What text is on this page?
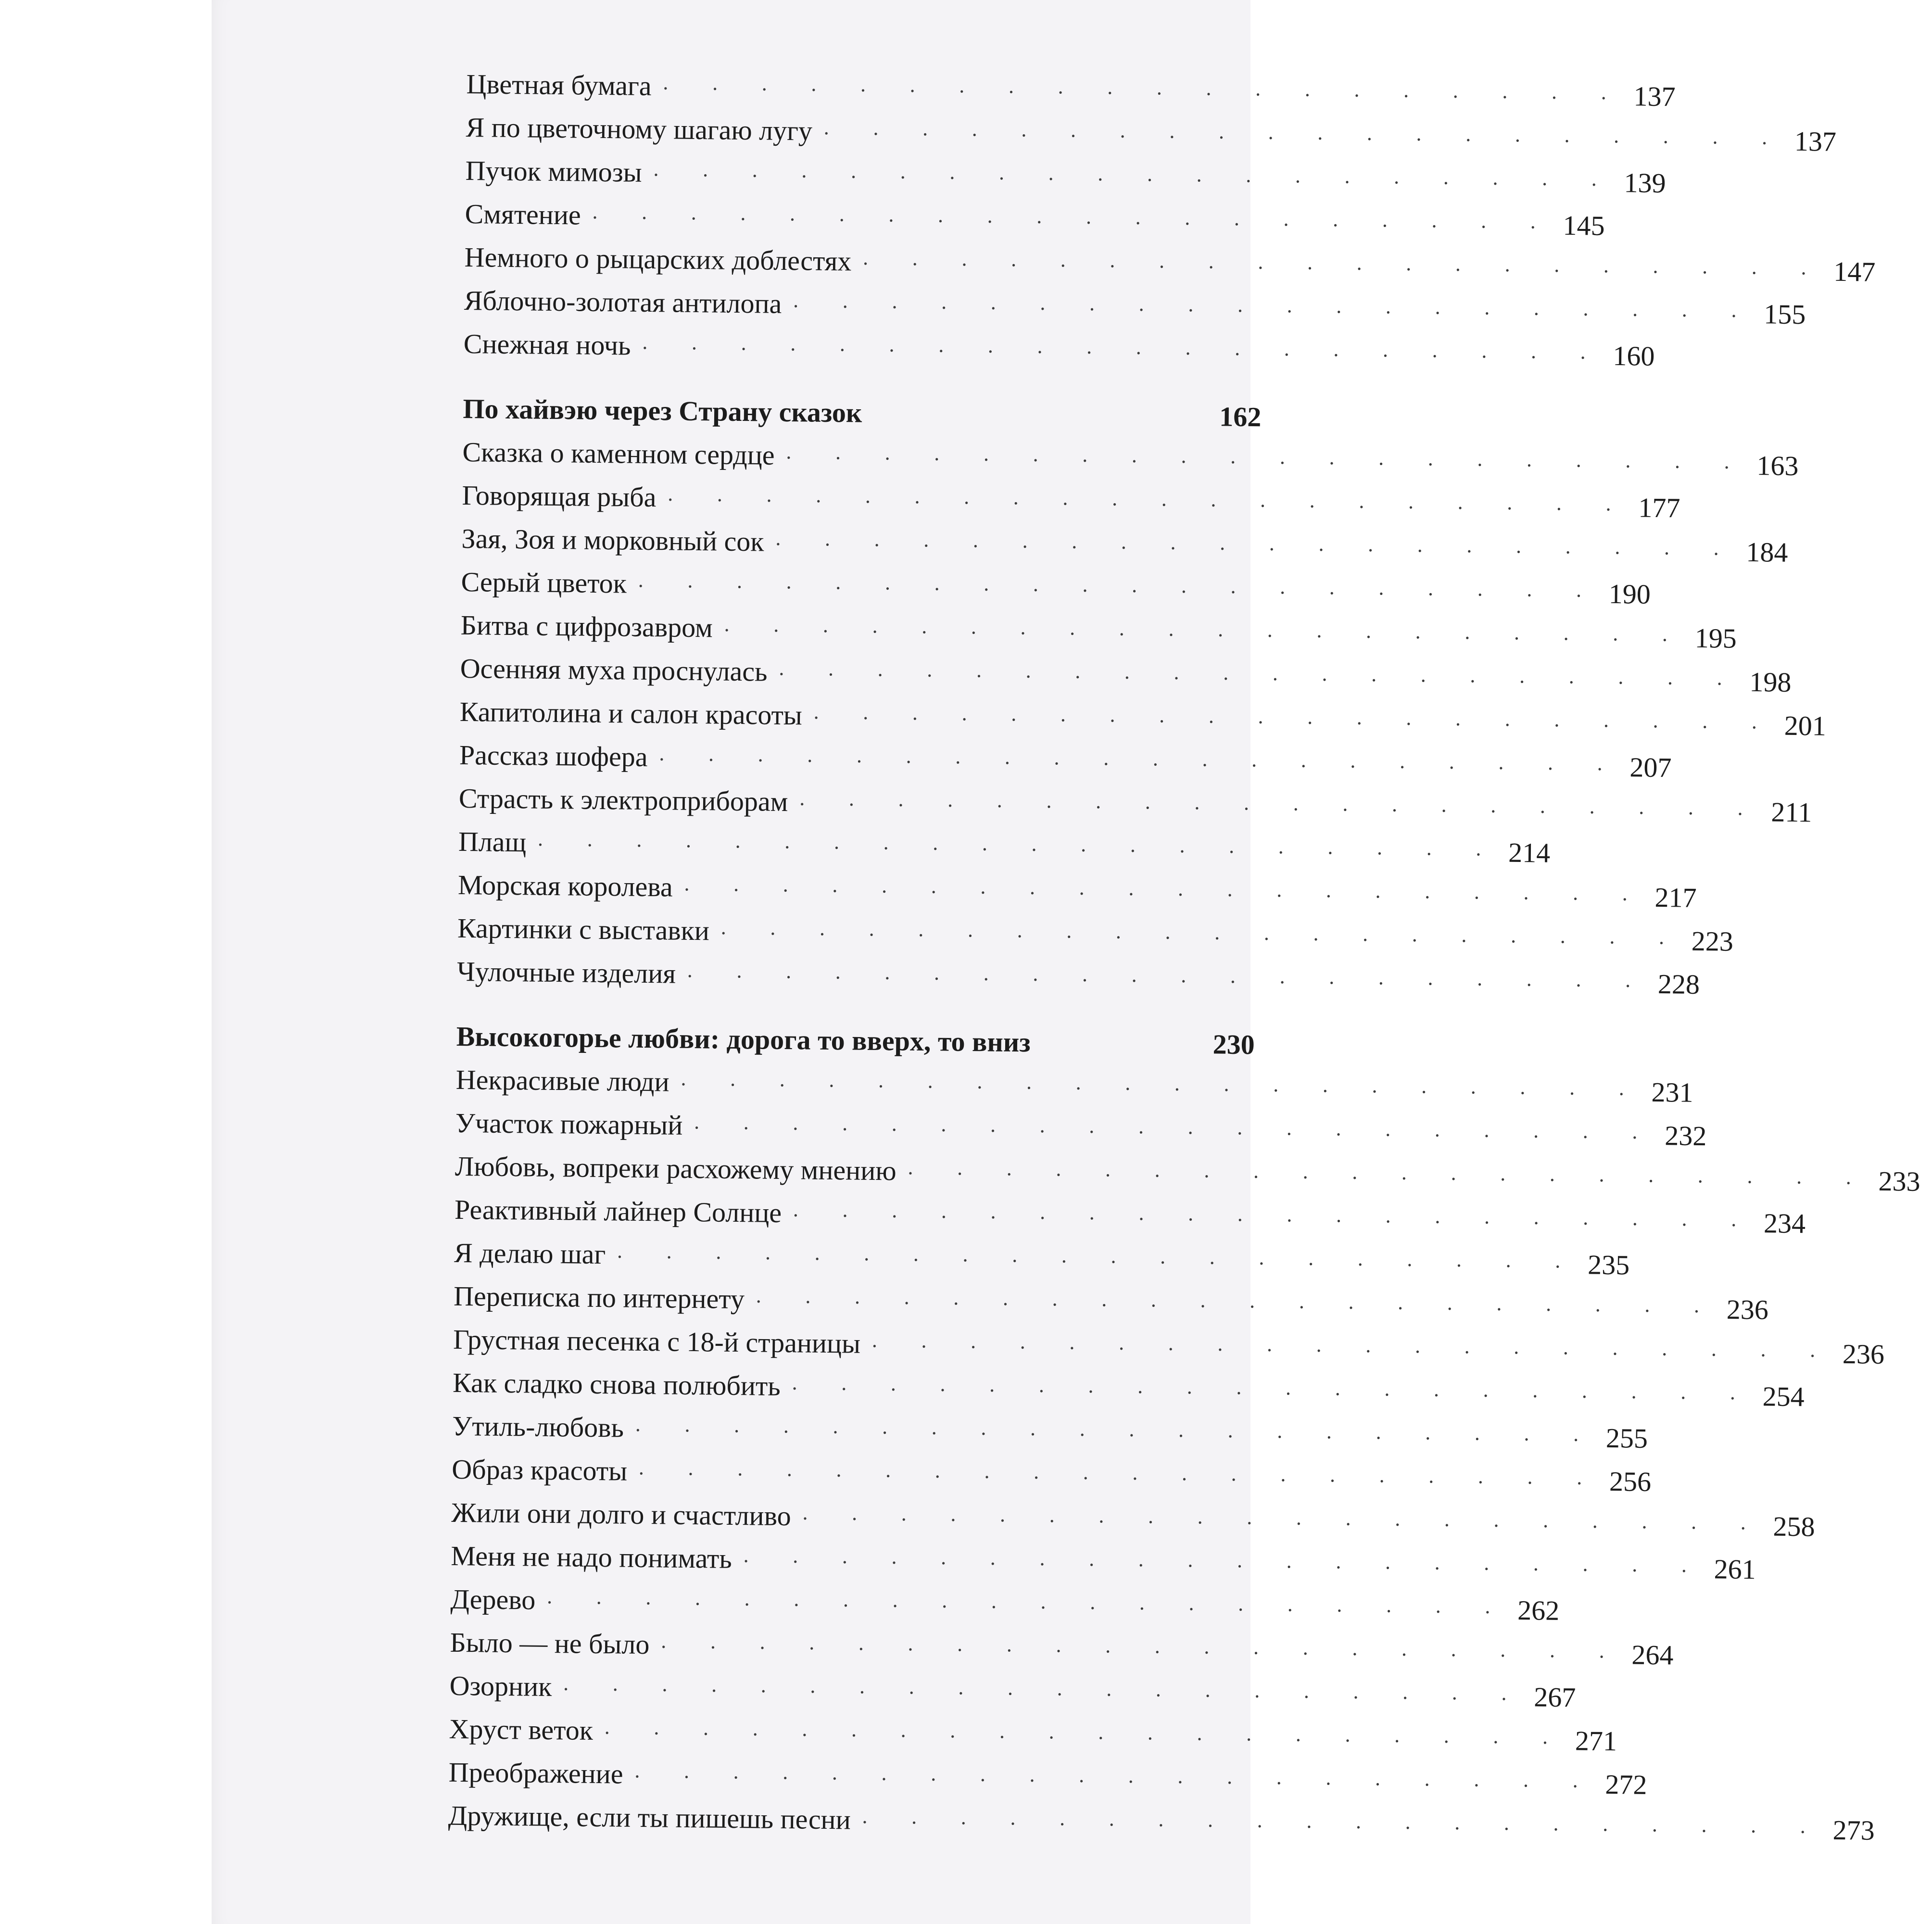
Цветная бумага ·  ·  ·  ·  ·  ·  ·  ·  ·  ·  ·  ·  ·  ·  ·  ·  ·  ·  ·  · 137
Я по цветочному шагаю лугу ·  ·  ·  ·  ·  ·  ·  ·  ·  ·  ·  ·  ·  ·  ·  ·  ·  ·  ·  · 137
Пучок мимозы ·  ·  ·  ·  ·  ·  ·  ·  ·  ·  ·  ·  ·  ·  ·  ·  ·  ·  ·  · 139
Смятение ·  ·  ·  ·  ·  ·  ·  ·  ·  ·  ·  ·  ·  ·  ·  ·  ·  ·  ·  · 145
Немного о рыцарских доблестях ·  ·  ·  ·  ·  ·  ·  ·  ·  ·  ·  ·  ·  ·  ·  ·  ·  ·  ·  · 147
Яблочно-золотая антилопа ·  ·  ·  ·  ·  ·  ·  ·  ·  ·  ·  ·  ·  ·  ·  ·  ·  ·  ·  · 155
Снежная ночь ·  ·  ·  ·  ·  ·  ·  ·  ·  ·  ·  ·  ·  ·  ·  ·  ·  ·  ·  · 160
По хайвэю через Страну сказок	162
Сказка о каменном сердце ·  ·  ·  ·  ·  ·  ·  ·  ·  ·  ·  ·  ·  ·  ·  ·  ·  ·  ·  · 163
Говорящая рыба ·  ·  ·  ·  ·  ·  ·  ·  ·  ·  ·  ·  ·  ·  ·  ·  ·  ·  ·  · 177
Зая, Зоя и морковный сок ·  ·  ·  ·  ·  ·  ·  ·  ·  ·  ·  ·  ·  ·  ·  ·  ·  ·  ·  · 184
Серый цветок ·  ·  ·  ·  ·  ·  ·  ·  ·  ·  ·  ·  ·  ·  ·  ·  ·  ·  ·  · 190
Битва с цифрозавром ·  ·  ·  ·  ·  ·  ·  ·  ·  ·  ·  ·  ·  ·  ·  ·  ·  ·  ·  · 195
Осенняя муха проснулась ·  ·  ·  ·  ·  ·  ·  ·  ·  ·  ·  ·  ·  ·  ·  ·  ·  ·  ·  · 198
Капитолина и салон красоты ·  ·  ·  ·  ·  ·  ·  ·  ·  ·  ·  ·  ·  ·  ·  ·  ·  ·  ·  · 201
Рассказ шофера ·  ·  ·  ·  ·  ·  ·  ·  ·  ·  ·  ·  ·  ·  ·  ·  ·  ·  ·  · 207
Страсть к электроприборам ·  ·  ·  ·  ·  ·  ·  ·  ·  ·  ·  ·  ·  ·  ·  ·  ·  ·  ·  · 211
Плащ ·  ·  ·  ·  ·  ·  ·  ·  ·  ·  ·  ·  ·  ·  ·  ·  ·  ·  ·  · 214
Морская королева ·  ·  ·  ·  ·  ·  ·  ·  ·  ·  ·  ·  ·  ·  ·  ·  ·  ·  ·  · 217
Картинки с выставки ·  ·  ·  ·  ·  ·  ·  ·  ·  ·  ·  ·  ·  ·  ·  ·  ·  ·  ·  · 223
Чулочные изделия ·  ·  ·  ·  ·  ·  ·  ·  ·  ·  ·  ·  ·  ·  ·  ·  ·  ·  ·  · 228
Высокогорье любви: дорога то вверх, то вниз	230
Некрасивые люди ·  ·  ·  ·  ·  ·  ·  ·  ·  ·  ·  ·  ·  ·  ·  ·  ·  ·  ·  · 231
Участок пожарный ·  ·  ·  ·  ·  ·  ·  ·  ·  ·  ·  ·  ·  ·  ·  ·  ·  ·  ·  · 232
Любовь, вопреки расхожему мнению ·  ·  ·  ·  ·  ·  ·  ·  ·  ·  ·  ·  ·  ·  ·  ·  ·  ·  ·  · 233
Реактивный лайнер Солнце ·  ·  ·  ·  ·  ·  ·  ·  ·  ·  ·  ·  ·  ·  ·  ·  ·  ·  ·  · 234
Я делаю шаг ·  ·  ·  ·  ·  ·  ·  ·  ·  ·  ·  ·  ·  ·  ·  ·  ·  ·  ·  · 235
Переписка по интернету ·  ·  ·  ·  ·  ·  ·  ·  ·  ·  ·  ·  ·  ·  ·  ·  ·  ·  ·  · 236
Грустная песенка с 18-й страницы ·  ·  ·  ·  ·  ·  ·  ·  ·  ·  ·  ·  ·  ·  ·  ·  ·  ·  ·  · 236
Как сладко снова полюбить ·  ·  ·  ·  ·  ·  ·  ·  ·  ·  ·  ·  ·  ·  ·  ·  ·  ·  ·  · 254
Утиль-любовь ·  ·  ·  ·  ·  ·  ·  ·  ·  ·  ·  ·  ·  ·  ·  ·  ·  ·  ·  · 255
Образ красоты ·  ·  ·  ·  ·  ·  ·  ·  ·  ·  ·  ·  ·  ·  ·  ·  ·  ·  ·  · 256
Жили они долго и счастливо ·  ·  ·  ·  ·  ·  ·  ·  ·  ·  ·  ·  ·  ·  ·  ·  ·  ·  ·  · 258
Меня не надо понимать ·  ·  ·  ·  ·  ·  ·  ·  ·  ·  ·  ·  ·  ·  ·  ·  ·  ·  ·  · 261
Дерево ·  ·  ·  ·  ·  ·  ·  ·  ·  ·  ·  ·  ·  ·  ·  ·  ·  ·  ·  · 262
Было — не было ·  ·  ·  ·  ·  ·  ·  ·  ·  ·  ·  ·  ·  ·  ·  ·  ·  ·  ·  · 264
Озорник ·  ·  ·  ·  ·  ·  ·  ·  ·  ·  ·  ·  ·  ·  ·  ·  ·  ·  ·  · 267
Хруст веток ·  ·  ·  ·  ·  ·  ·  ·  ·  ·  ·  ·  ·  ·  ·  ·  ·  ·  ·  · 271
Преображение ·  ·  ·  ·  ·  ·  ·  ·  ·  ·  ·  ·  ·  ·  ·  ·  ·  ·  ·  · 272
Дружище, если ты пишешь песни ·  ·  ·  ·  ·  ·  ·  ·  ·  ·  ·  ·  ·  ·  ·  ·  ·  ·  ·  · 273
